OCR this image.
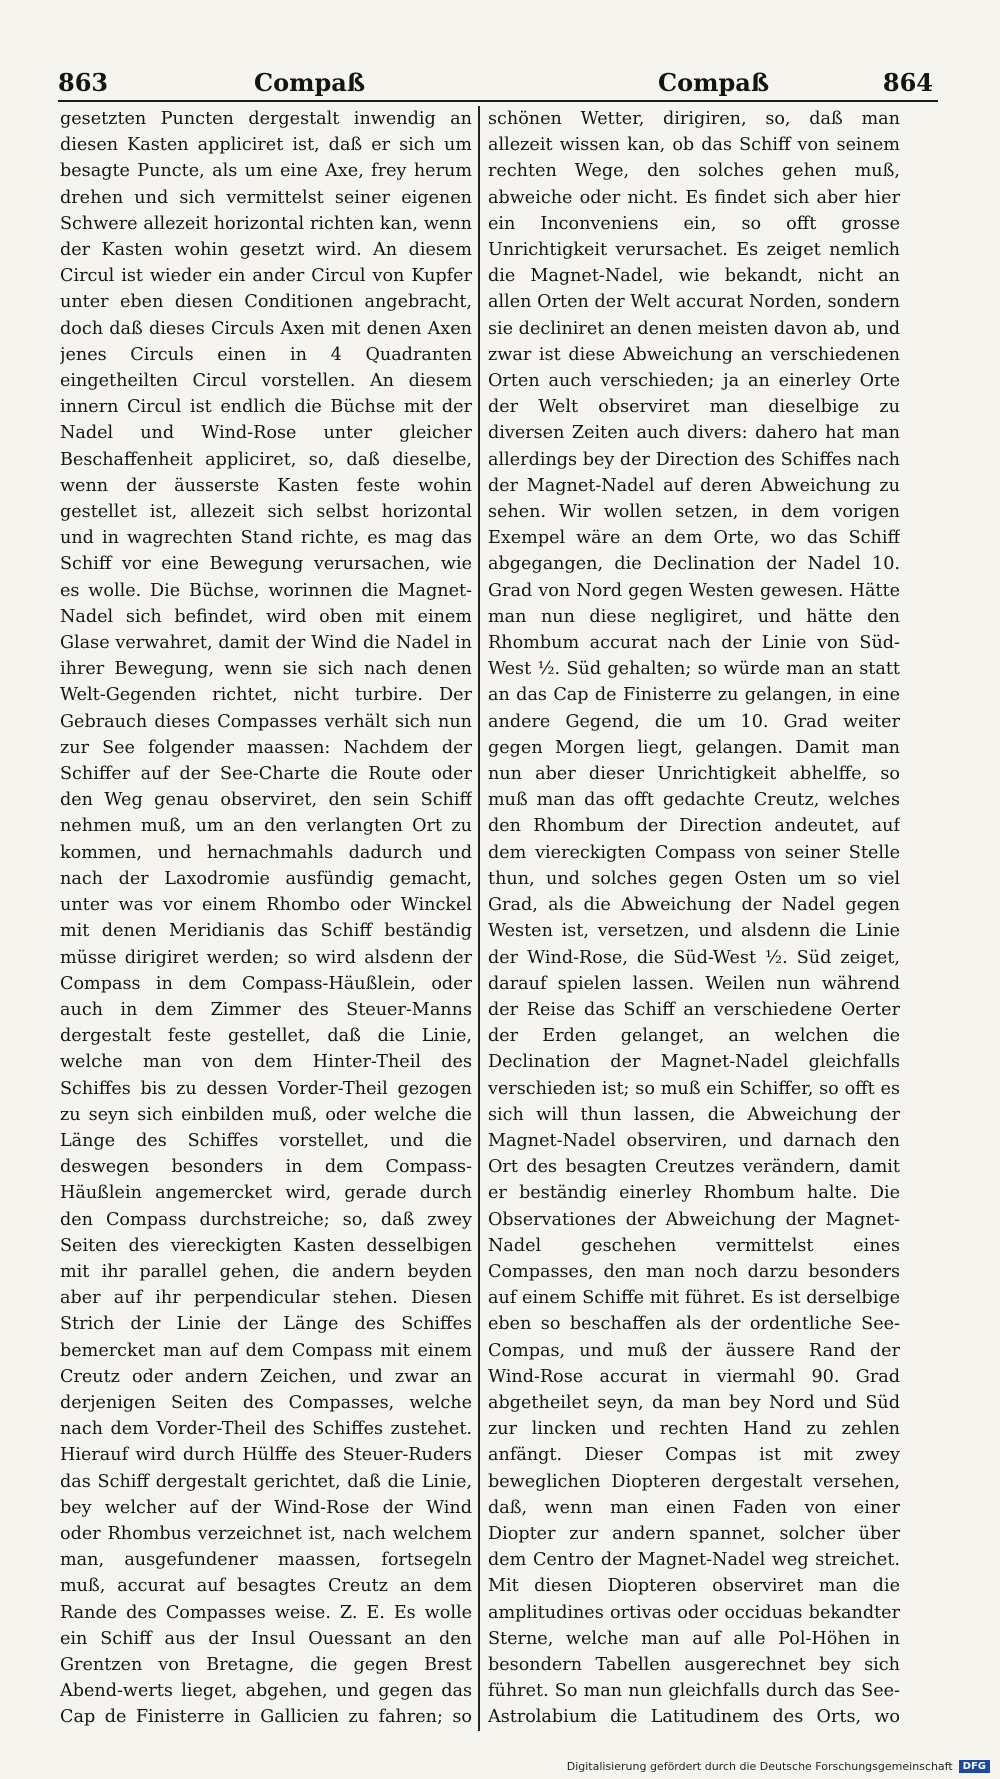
863	Compaß	Compaß	864

gesetzten Puncten dergestalt inwendig an diesen Kasten appliciret ist, daß er sich um besagte Puncte, als um eine Axe, frey herum drehen und sich vermittelst seiner eigenen Schwere allezeit horizontal richten kan, wenn der Kasten wohin gesetzt wird. An diesem Circul ist wieder ein ander Circul von Kupfer unter eben diesen Conditionen angebracht, doch daß dieses Circuls Axen mit denen Axen jenes Circuls einen in 4 Quadranten eingetheilten Circul vorstellen. An diesem innern Circul ist endlich die Büchse mit der Nadel und Wind-Rose unter gleicher Beschaffenheit appliciret, so, daß dieselbe, wenn der äusserste Kasten feste wohin gestellet ist, allezeit sich selbst horizontal und in wagrechten Stand richte, es mag das Schiff vor eine Bewegung verursachen, wie es wolle. Die Büchse, worinnen die Magnet-Nadel sich befindet, wird oben mit einem Glase verwahret, damit der Wind die Nadel in ihrer Bewegung, wenn sie sich nach denen Welt-Gegenden richtet, nicht turbire. Der Gebrauch dieses Compasses verhält sich nun zur See folgender maassen: Nachdem der Schiffer auf der See-Charte die Route oder den Weg genau observiret, den sein Schiff nehmen muß, um an den verlangten Ort zu kommen, und hernachmahls dadurch und nach der Laxodromie ausfündig gemacht, unter was vor einem Rhombo oder Winckel mit denen Meridianis das Schiff beständig müsse dirigiret werden; so wird alsdenn der Compass in dem Compass-Häußlein, oder auch in dem Zimmer des Steuer-Manns dergestalt feste gestellet, daß die Linie, welche man von dem Hinter-Theil des Schiffes bis zu dessen Vorder-Theil gezogen zu seyn sich einbilden muß, oder welche die Länge des Schiffes vorstellet, und die deswegen besonders in dem Compass-Häußlein angemercket wird, gerade durch den Compass durchstreiche; so, daß zwey Seiten des viereckigten Kasten desselbigen mit ihr parallel gehen, die andern beyden aber auf ihr perpendicular stehen. Diesen Strich der Linie der Länge des Schiffes bemercket man auf dem Compass mit einem Creutz oder andern Zeichen, und zwar an derjenigen Seiten des Compasses, welche nach dem Vorder-Theil des Schiffes zustehet. Hierauf wird durch Hülffe des Steuer-Ruders das Schiff dergestalt gerichtet, daß die Linie, bey welcher auf der Wind-Rose der Wind oder Rhombus verzeichnet ist, nach welchem man, ausgefundener maassen, fortsegeln muß, accurat auf besagtes Creutz an dem Rande des Compasses weise. Z. E. Es wolle ein Schiff aus der Insul Ouessant an den Grentzen von Bretagne, die gegen Brest Abend-werts lieget, abgehen, und gegen das Cap de Finisterre in Gallicien zu fahren; so

schönen Wetter, dirigiren, so, daß man allezeit wissen kan, ob das Schiff von seinem rechten Wege, den solches gehen muß, abweiche oder nicht. Es findet sich aber hier ein Inconveniens ein, so offt grosse Unrichtigkeit verursachet. Es zeiget nemlich die Magnet-Nadel, wie bekandt, nicht an allen Orten der Welt accurat Norden, sondern sie decliniret an denen meisten davon ab, und zwar ist diese Abweichung an verschiedenen Orten auch verschieden; ja an einerley Orte der Welt observiret man dieselbige zu diversen Zeiten auch divers: dahero hat man allerdings bey der Direction des Schiffes nach der Magnet-Nadel auf deren Abweichung zu sehen. Wir wollen setzen, in dem vorigen Exempel wäre an dem Orte, wo das Schiff abgegangen, die Declination der Nadel 10. Grad von Nord gegen Westen gewesen. Hätte man nun diese negligiret, und hätte den Rhombum accurat nach der Linie von Süd-West ½. Süd gehalten; so würde man an statt an das Cap de Finisterre zu gelangen, in eine andere Gegend, die um 10. Grad weiter gegen Morgen liegt, gelangen. Damit man nun aber dieser Unrichtigkeit abhelffe, so muß man das offt gedachte Creutz, welches den Rhombum der Direction andeutet, auf dem viereckigten Compass von seiner Stelle thun, und solches gegen Osten um so viel Grad, als die Abweichung der Nadel gegen Westen ist, versetzen, und alsdenn die Linie der Wind-Rose, die Süd-West ½. Süd zeiget, darauf spielen lassen. Weilen nun während der Reise das Schiff an verschiedene Oerter der Erden gelanget, an welchen die Declination der Magnet-Nadel gleichfalls verschieden ist; so muß ein Schiffer, so offt es sich will thun lassen, die Abweichung der Magnet-Nadel observiren, und darnach den Ort des besagten Creutzes verändern, damit er beständig einerley Rhombum halte. Die Observationes der Abweichung der Magnet-Nadel geschehen vermittelst eines Compasses, den man noch darzu besonders auf einem Schiffe mit führet. Es ist derselbige eben so beschaffen als der ordentliche See-Compas, und muß der äussere Rand der Wind-Rose accurat in viermahl 90. Grad abgetheilet seyn, da man bey Nord und Süd zur lincken und rechten Hand zu zehlen anfängt. Dieser Compas ist mit zwey beweglichen Diopteren dergestalt versehen, daß, wenn man einen Faden von einer Diopter zur andern spannet, solcher über dem Centro der Magnet-Nadel weg streichet. Mit diesen Diopteren observiret man die amplitudines ortivas oder occiduas bekandter Sterne, welche man auf alle Pol-Höhen in besondern Tabellen ausgerechnet bey sich führet. So man nun gleichfalls durch das See-Astrolabium die Latitudinem des Orts, wo

Digitalisierung gefördert durch die Deutsche Forschungsgemeinschaft	DFG
